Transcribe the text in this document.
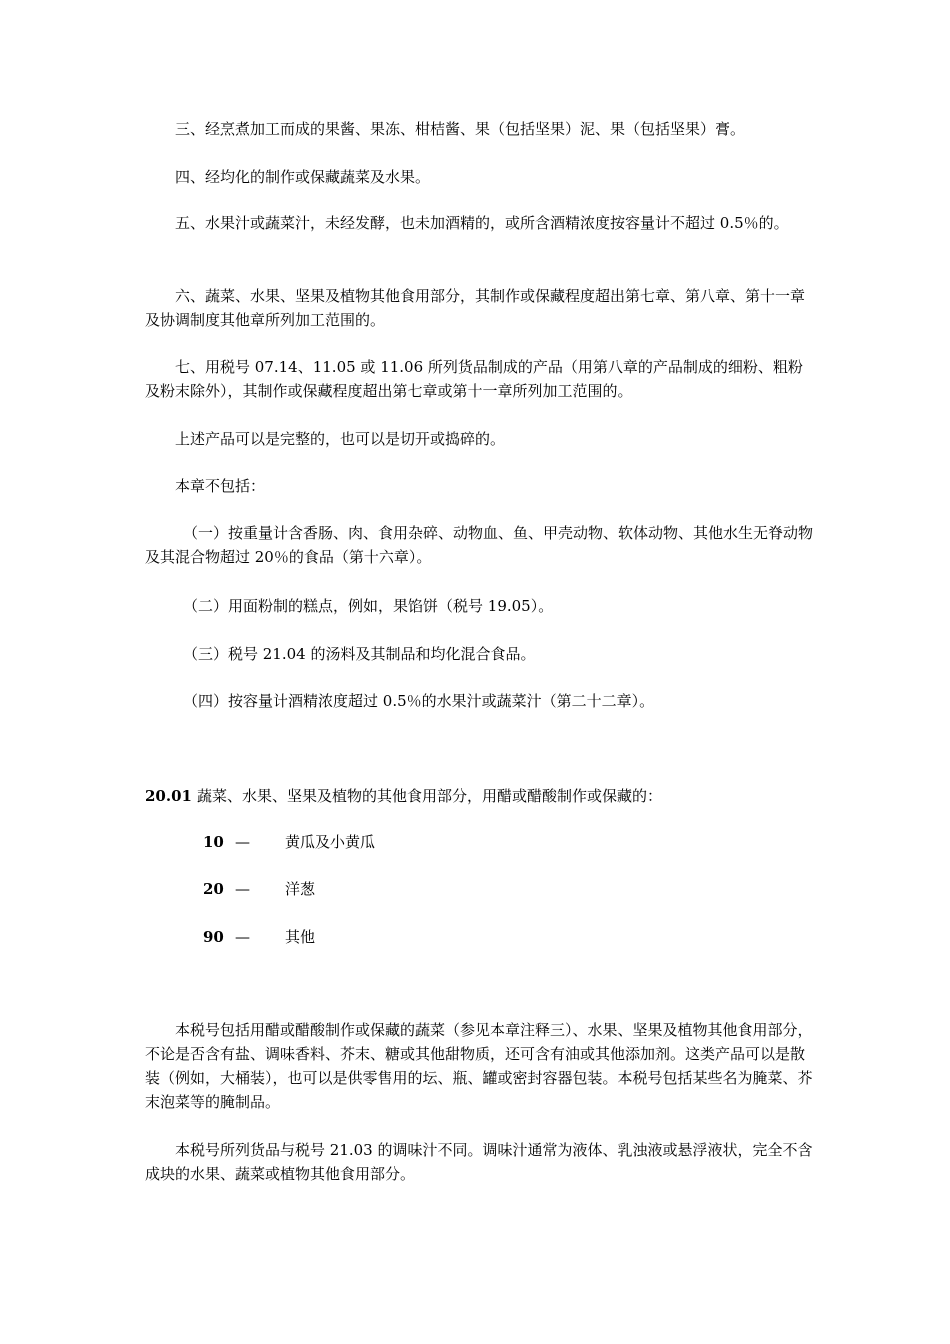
三、经烹煮加工而成的果酱、果冻、柑桔酱、果（包括坚果）泥、果（包括坚果）膏。

四、经均化的制作或保藏蔬菜及水果。

五、水果汁或蔬菜汁，未经发酵，也未加酒精的，或所含酒精浓度按容量计不超过 0.5％的。

六、蔬菜、水果、坚果及植物其他食用部分，其制作或保藏程度超出第七章、第八章、第十一章及协调制度其他章所列加工范围的。

七、用税号 07.14、11.05 或 11.06 所列货品制成的产品（用第八章的产品制成的细粉、粗粉及粉末除外），其制作或保藏程度超出第七章或第十一章所列加工范围的。

上述产品可以是完整的，也可以是切开或捣碎的。

本章不包括：

（一）按重量计含香肠、肉、食用杂碎、动物血、鱼、甲壳动物、软体动物、其他水生无脊动物及其混合物超过 20％的食品（第十六章）。

（二）用面粉制的糕点，例如，果馅饼（税号 19.05）。

（三）税号 21.04 的汤料及其制品和均化混合食品。

（四）按容量计酒精浓度超过 0.5％的水果汁或蔬菜汁（第二十二章）。

20.01 蔬菜、水果、坚果及植物的其他食用部分，用醋或醋酸制作或保藏的：

10 — 黄瓜及小黄瓜

20 — 洋葱

90 — 其他

本税号包括用醋或醋酸制作或保藏的蔬菜（参见本章注释三）、水果、坚果及植物其他食用部分，不论是否含有盐、调味香料、芥末、糖或其他甜物质，还可含有油或其他添加剂。这类产品可以是散装（例如，大桶装），也可以是供零售用的坛、瓶、罐或密封容器包装。本税号包括某些名为腌菜、芥末泡菜等的腌制品。

本税号所列货品与税号 21.03 的调味汁不同。调味汁通常为液体、乳浊液或悬浮液状，完全不含成块的水果、蔬菜或植物其他食用部分。
